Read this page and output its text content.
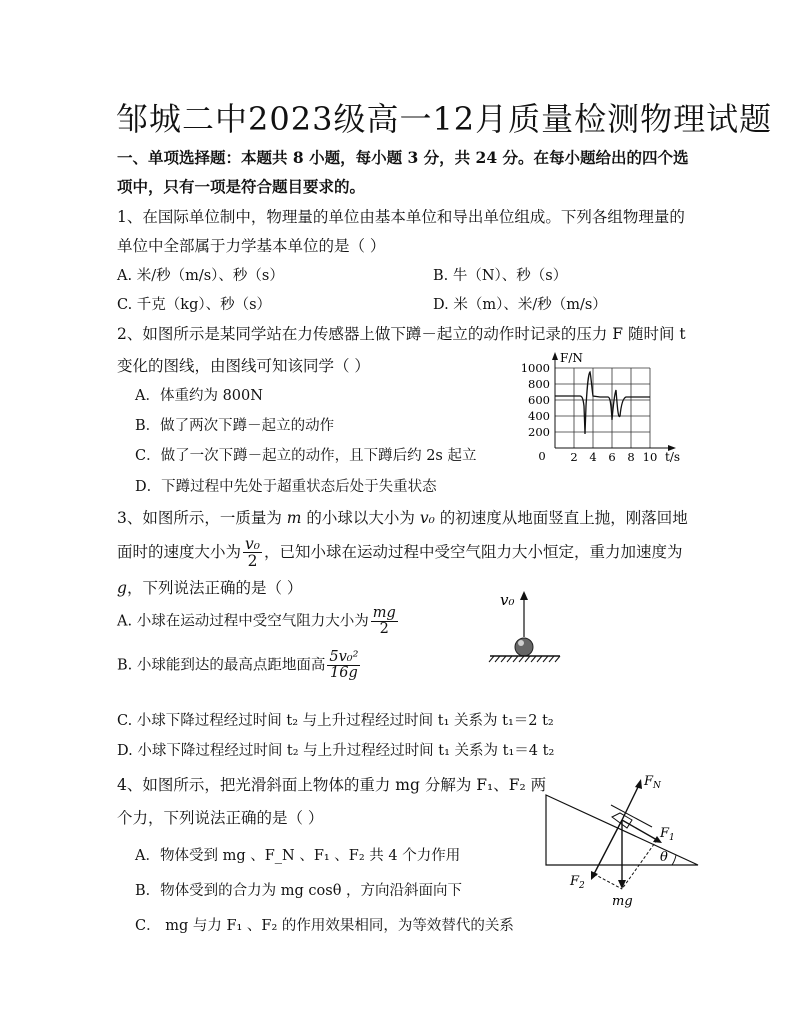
邹城二中2023级高一12月质量检测物理试题
一、单项选择题：本题共 8 小题，每小题 3 分，共 24 分。在每小题给出的四个选
项中，只有一项是符合题目要求的。
1、在国际单位制中，物理量的单位由基本单位和导出单位组成。下列各组物理量的
单位中全部属于力学基本单位的是（ ）
A. 米/秒（m/s）、秒（s）	B. 牛（N）、秒（s）
C. 千克（kg）、秒（s）	D. 米（m）、米/秒（m/s）
2、如图所示是某同学站在力传感器上做下蹲－起立的动作时记录的压力 F 随时间 t
变化的图线，由图线可知该同学（ ）
A．体重约为 800N
B．做了两次下蹲－起立的动作
C．做了一次下蹲－起立的动作，且下蹲后约 2s 起立
D．下蹲过程中先处于超重状态后处于失重状态
F/N
1000
800
600
400
200
0 2 4 6 8 10 t/s
3、如图所示，一质量为 m 的小球以大小为 v₀ 的初速度从地面竖直上抛，刚落回地
面时的速度大小为 $\frac{\text{v₀}}{2}$ ，已知小球在运动过程中受空气阻力大小恒定，重力加速度为
g，下列说法正确的是（ ）
A. 小球在运动过程中受空气阻力大小为 $\frac{mg}{2}$
B. 小球能到达的最高点距地面高 $\frac{\text{5v₀²}}{16g}$
C. 小球下降过程经过时间 t₂ 与上升过程经过时间 t₁ 关系为 t₁＝2 t₂
D. 小球下降过程经过时间 t₂ 与上升过程经过时间 t₁ 关系为 t₁＝4 t₂
v₀
4、如图所示，把光滑斜面上物体的重力 mg 分解为 F₁、F₂ 两
个力，下列说法正确的是（ ）
A．物体受到 mg 、F_N 、F₁ 、F₂ 共 4 个力作用
B．物体受到的合力为 mg cosθ ，方向沿斜面向下
C． mg 与力 F₁ 、F₂ 的作用效果相同，为等效替代的关系
$F_N$
$F_1$
$F_2$
θ
mg
